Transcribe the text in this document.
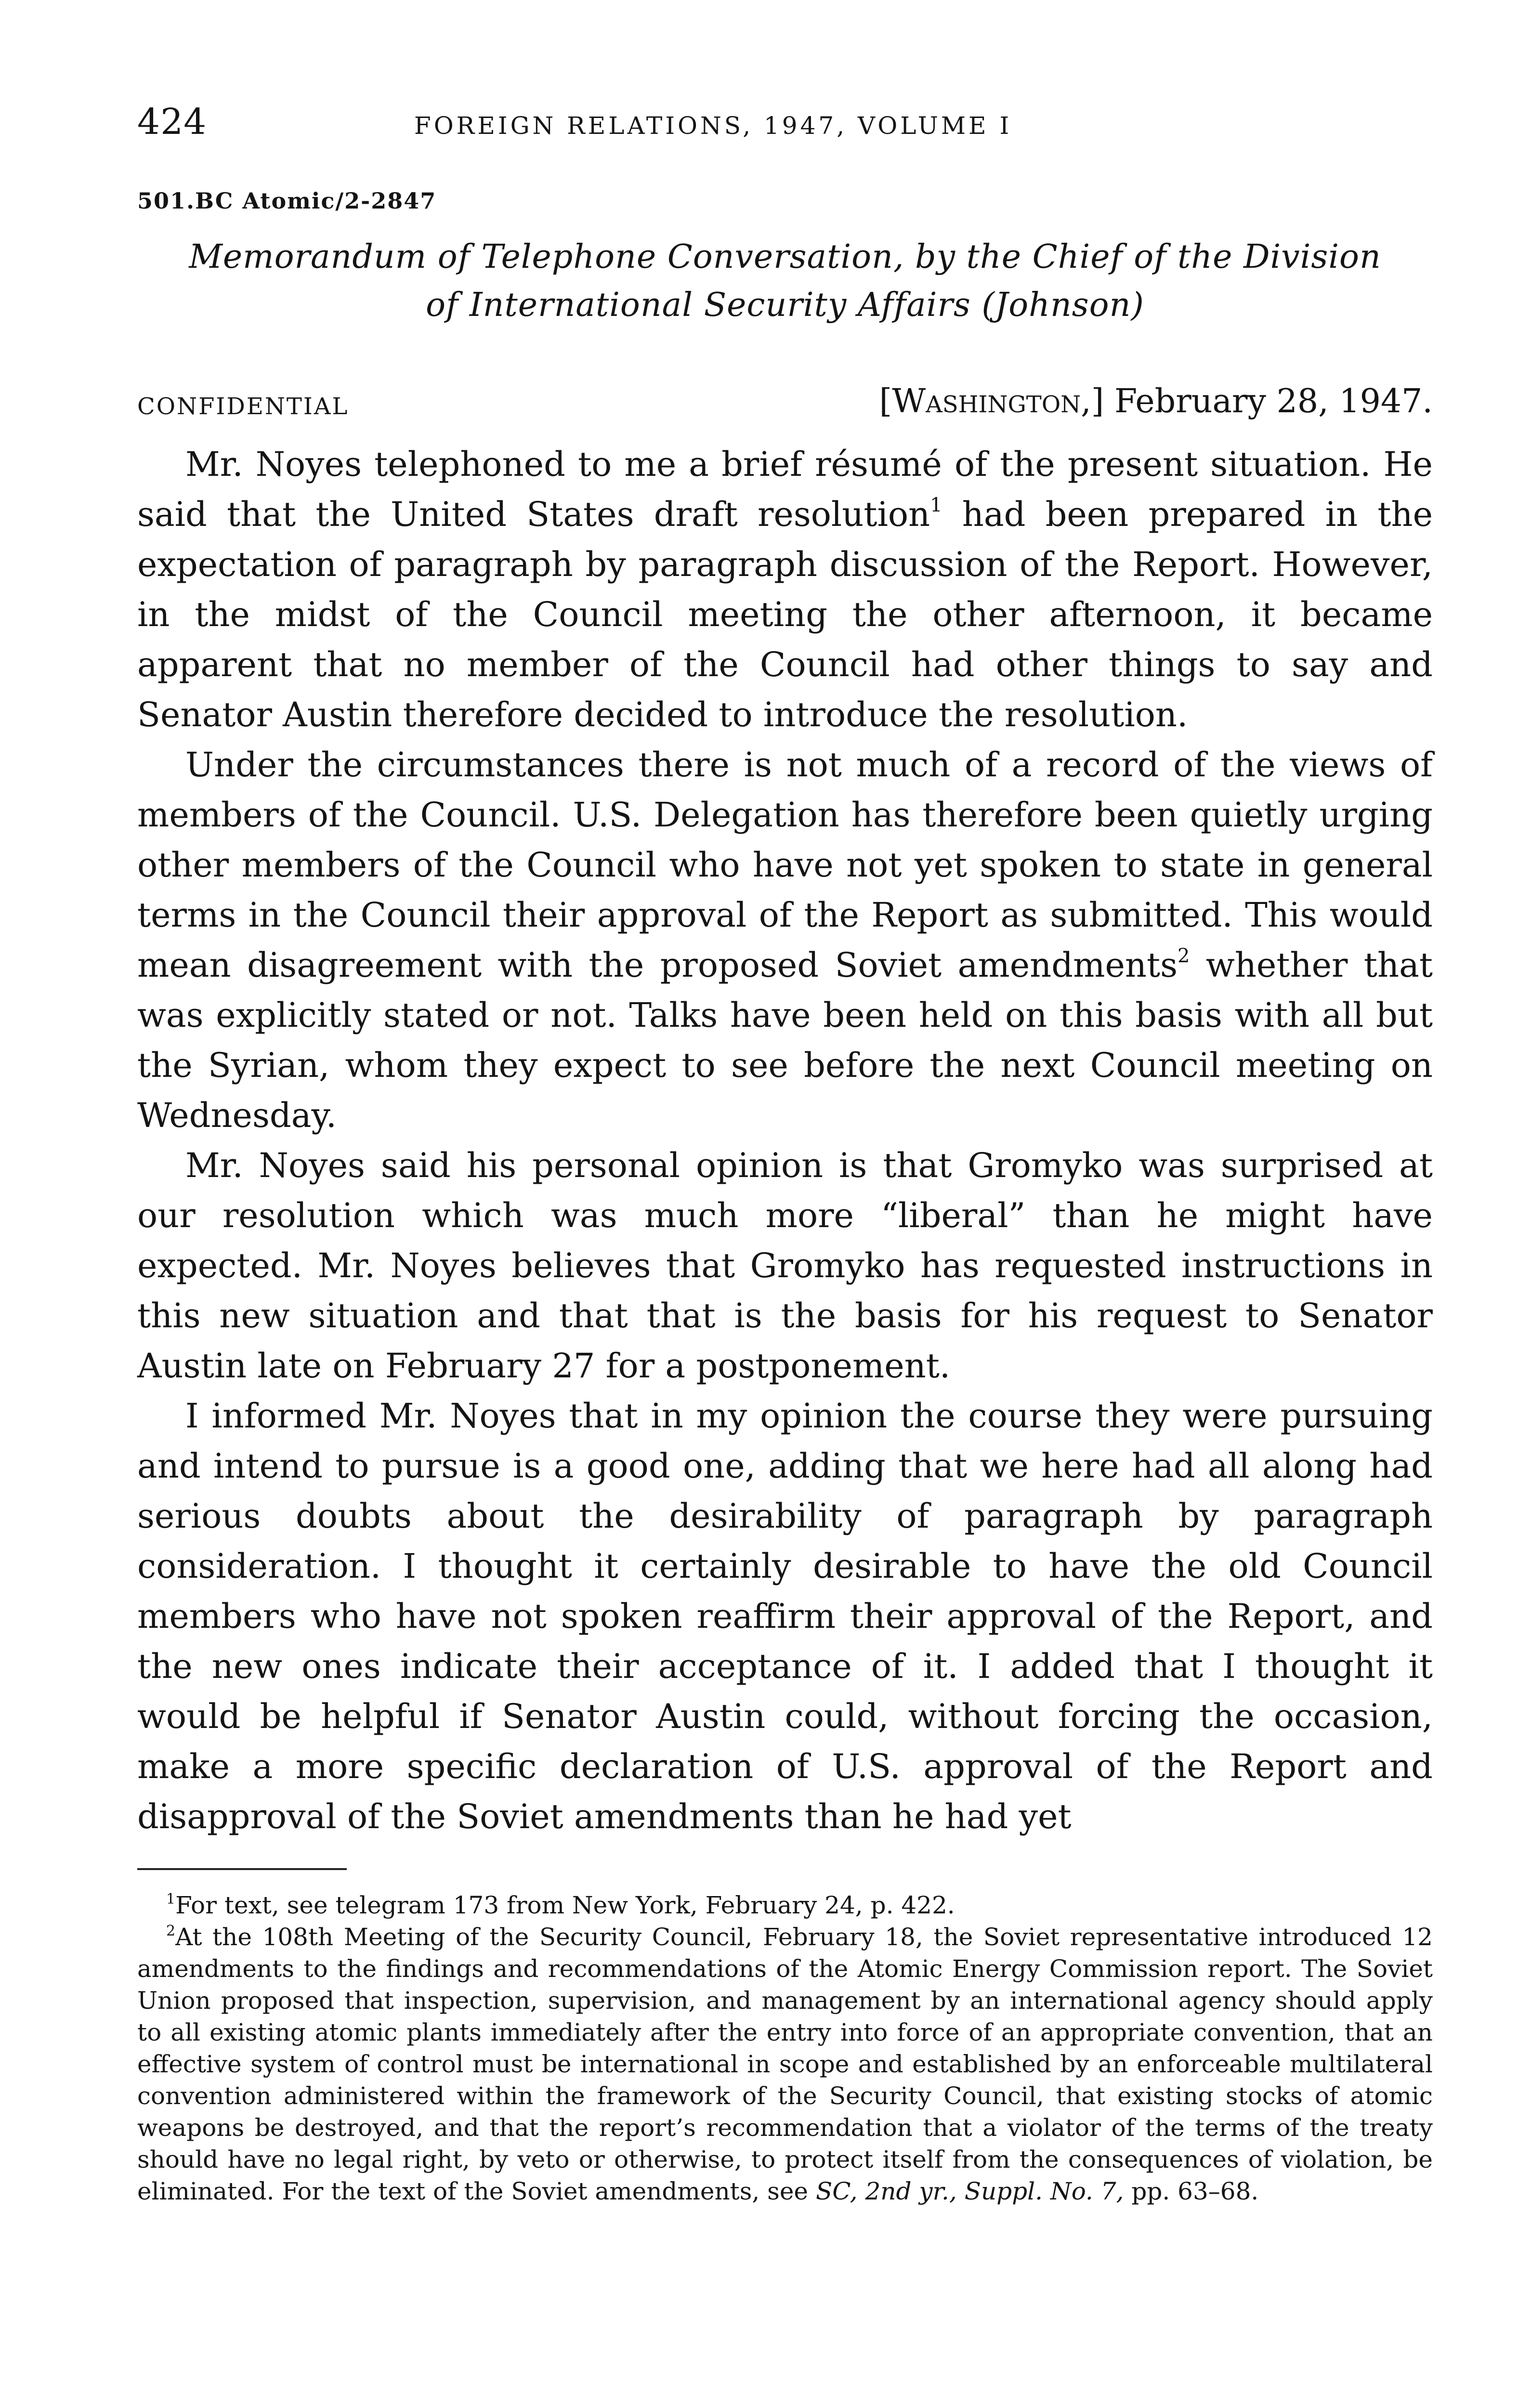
424	FOREIGN RELATIONS, 1947, VOLUME I
501.BC Atomic/2-2847
Memorandum of Telephone Conversation, by the Chief of the Division
of International Security Affairs (Johnson)
CONFIDENTIAL	[Washington,] February 28, 1947.

Mr. Noyes telephoned to me a brief résumé of the present situation. He said that the United States draft resolution$^1$ had been prepared in the expectation of paragraph by paragraph discussion of the Report. However, in the midst of the Council meeting the other afternoon, it became apparent that no member of the Council had other things to say and Senator Austin therefore decided to introduce the resolution.

Under the circumstances there is not much of a record of the views of members of the Council. U.S. Delegation has therefore been quietly urging other members of the Council who have not yet spoken to state in general terms in the Council their approval of the Report as submitted. This would mean disagreement with the proposed Soviet amendments$^2$ whether that was explicitly stated or not. Talks have been held on this basis with all but the Syrian, whom they expect to see before the next Council meeting on Wednesday.

Mr. Noyes said his personal opinion is that Gromyko was surprised at our resolution which was much more “liberal” than he might have expected. Mr. Noyes believes that Gromyko has requested instructions in this new situation and that that is the basis for his request to Senator Austin late on February 27 for a postponement.

I informed Mr. Noyes that in my opinion the course they were pursuing and intend to pursue is a good one, adding that we here had all along had serious doubts about the desirability of paragraph by paragraph consideration. I thought it certainly desirable to have the old Council members who have not spoken reaffirm their approval of the Report, and the new ones indicate their acceptance of it. I added that I thought it would be helpful if Senator Austin could, without forcing the occasion, make a more specific declaration of U.S. approval of the Report and disapproval of the Soviet amendments than he had yet

$^1$For text, see telegram 173 from New York, February 24, p. 422.

$^2$At the 108th Meeting of the Security Council, February 18, the Soviet representative introduced 12 amendments to the findings and recommendations of the Atomic Energy Commission report. The Soviet Union proposed that inspection, supervision, and management by an international agency should apply to all existing atomic plants immediately after the entry into force of an appropriate convention, that an effective system of control must be international in scope and established by an enforceable multilateral convention administered within the framework of the Security Council, that existing stocks of atomic weapons be destroyed, and that the report’s recommendation that a violator of the terms of the treaty should have no legal right, by veto or otherwise, to protect itself from the consequences of violation, be eliminated. For the text of the Soviet amendments, see SC, 2nd yr., Suppl. No. 7, pp. 63–68.
